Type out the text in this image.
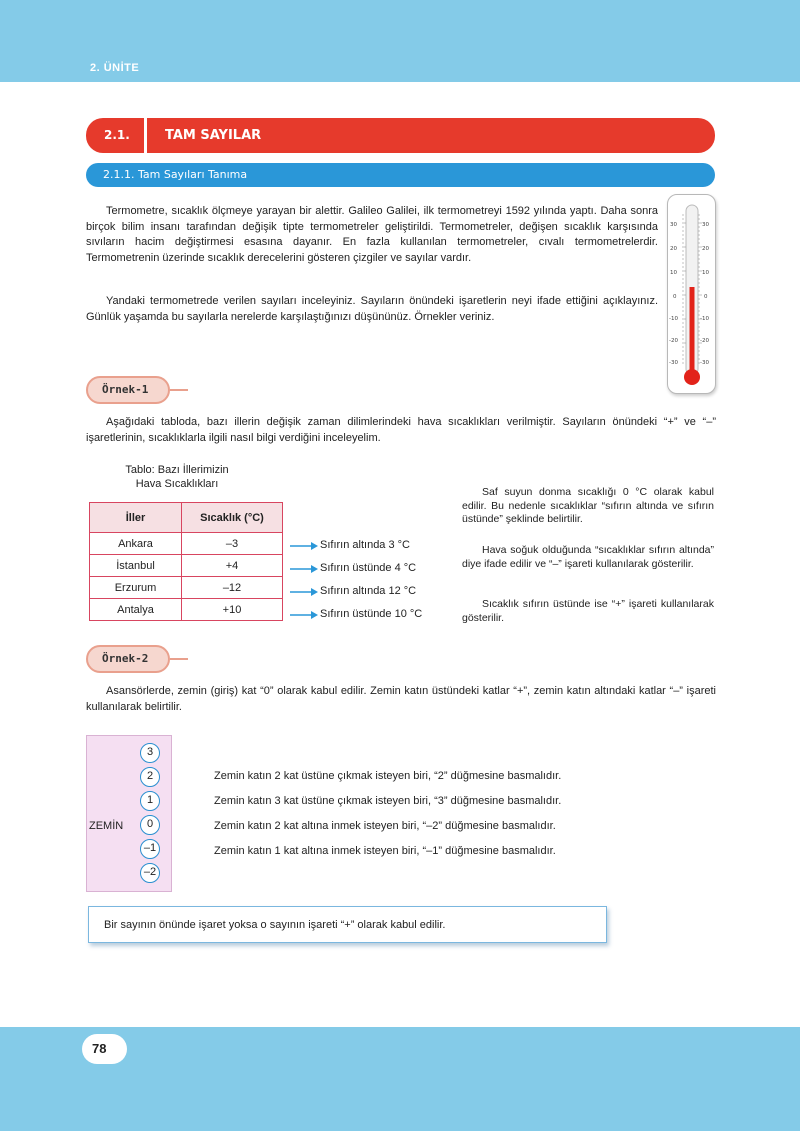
2. ÜNİTE
2.1.	TAM SAYILAR
2.1.1. Tam Sayıları Tanıma

Termometre, sıcaklık ölçmeye yarayan bir alettir. Galileo Galilei, ilk termometreyi 1592 yılında yaptı. Daha sonra birçok bilim insanı tarafından değişik tipte termometreler geliştirildi. Termometreler, değişen sıcaklık karşısında sıvıların hacim değiştirmesi esasına dayanır. En fazla kullanılan termometreler, cıvalı termometrelerdir. Termometrenin üzerinde sıcaklık derecelerini gösteren çizgiler ve sayılar vardır.

Yandaki termometrede verilen sayıları inceleyiniz. Sayıların önündeki işaretlerin neyi ifade ettiğini açıklayınız. Günlük yaşamda bu sayılarla nerelerde karşılaştığınızı düşününüz. Örnekler veriniz.

30
20
10
0
-10
-20
-30
30
20
10
0
-10
-20
-30
Örnek-1

Aşağıdaki tabloda, bazı illerin değişik zaman dilimlerindeki hava sıcaklıkları verilmiştir. Sayıların önündeki “+” ve “–” işaretlerinin, sıcaklıklarla ilgili nasıl bilgi verdiğini inceleyelim.

Tablo: Bazı İllerimizin
Hava Sıcaklıkları
İller	Sıcaklık (°C)
Ankara	–3
İstanbul	+4
Erzurum	–12
Antalya	+10
Sıfırın altında 3 °C
Sıfırın üstünde 4 °C
Sıfırın altında 12 °C
Sıfırın üstünde 10 °C

Saf suyun donma sıcaklığı 0 °C olarak kabul edilir. Bu nedenle sıcaklıklar “sıfırın altında ve sıfırın üstünde” şeklinde belirtilir.

Hava soğuk olduğunda “sıcaklıklar sıfırın altında” diye ifade edilir ve “–” işareti kullanılarak gösterilir.

Sıcaklık sıfırın üstünde ise “+” işareti kullanılarak gösterilir.

Örnek-2

Asansörlerde, zemin (giriş) kat “0” olarak kabul edilir. Zemin katın üstündeki katlar “+”, zemin katın altındaki katlar “–” işareti kullanılarak belirtilir.

ZEMİN
3
2
1
0
–1
–2
Zemin katın 2 kat üstüne çıkmak isteyen biri, “2” düğmesine basmalıdır.
Zemin katın 3 kat üstüne çıkmak isteyen biri, “3” düğmesine basmalıdır.
Zemin katın 2 kat altına inmek isteyen biri, “–2” düğmesine basmalıdır.
Zemin katın 1 kat altına inmek isteyen biri, “–1” düğmesine basmalıdır.
Bir sayının önünde işaret yoksa o sayının işareti “+” olarak kabul edilir.
78
